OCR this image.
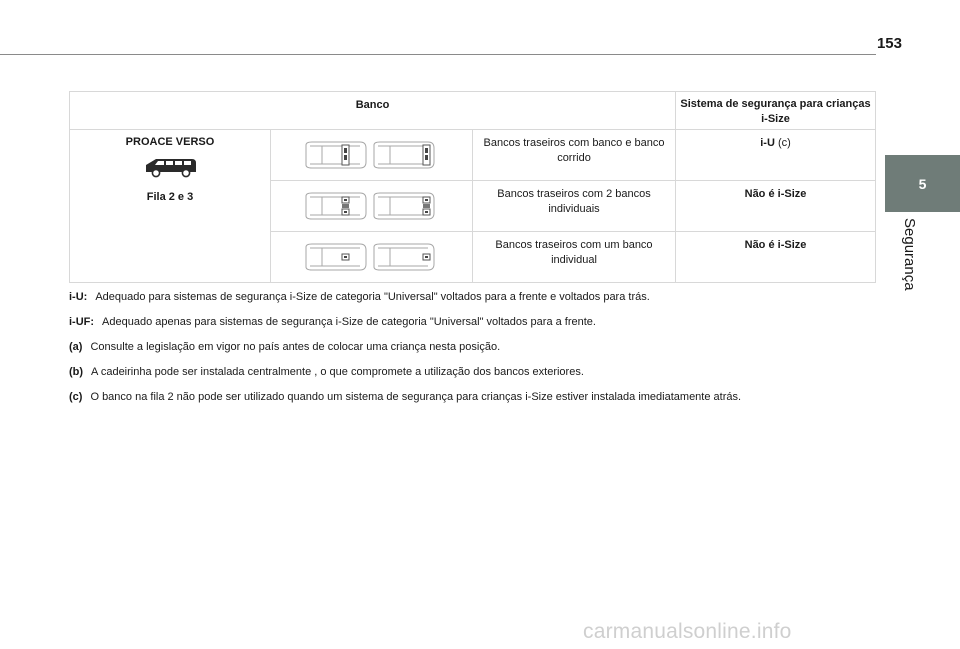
153
5
Segurança
Banco			Sistema de segurança para crianças i-Size

PROACE VERSO
Fila 2 e 3		Bancos traseiros com banco e banco corrido	i-U (c)
	Bancos traseiros com 2 bancos individuais	Não é i-Size
	Bancos traseiros com um banco individual	Não é i-Size

i-U: Adequado para sistemas de segurança i-Size de categoria "Universal" voltados para a frente e voltados para trás.

i-UF: Adequado apenas para sistemas de segurança i-Size de categoria "Universal" voltados para a frente.

(a) Consulte a legislação em vigor no país antes de colocar uma criança nesta posição.

(b) A cadeirinha pode ser instalada centralmente , o que compromete a utilização dos bancos exteriores.

(c) O banco na fila 2 não pode ser utilizado quando um sistema de segurança para crianças i-Size estiver instalada imediatamente atrás.

carmanualsonline.info
